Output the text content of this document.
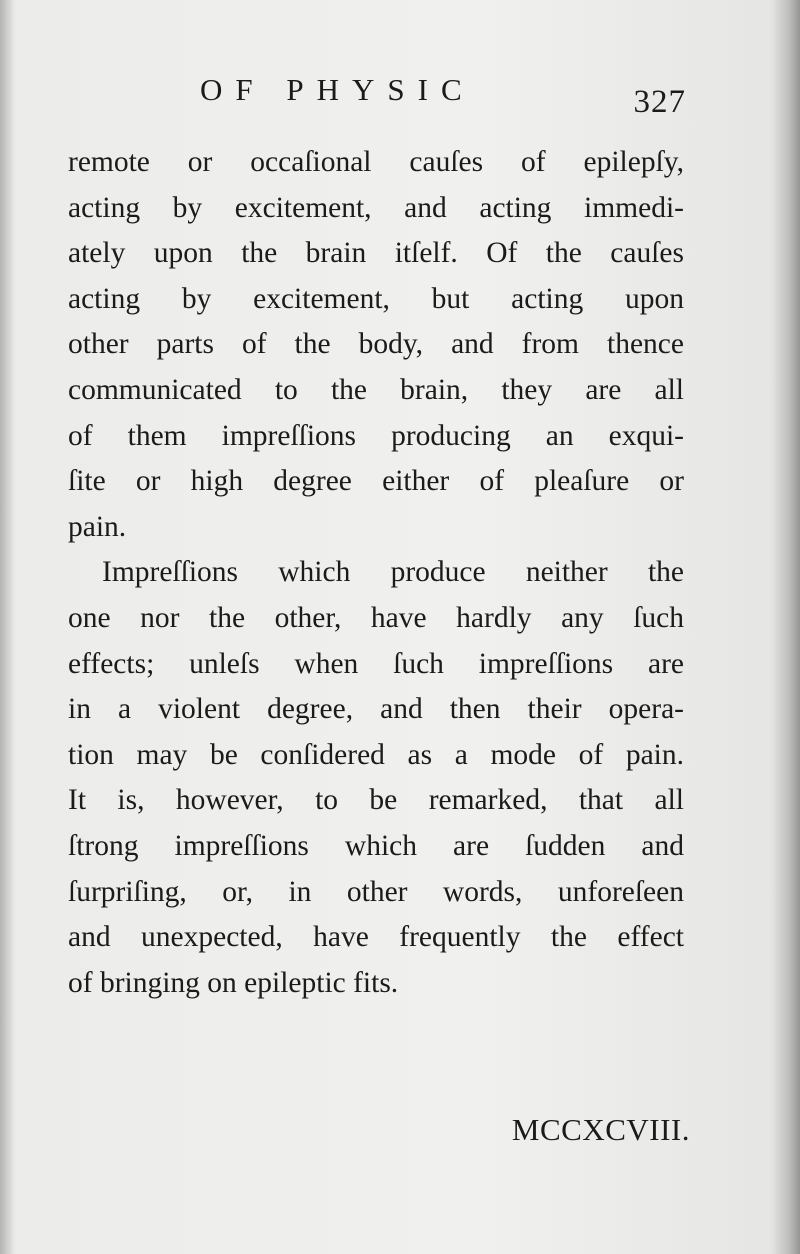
OF PHYSIC	327
remote or occaſional cauſes of epilepſy,
acting by excitement, and acting immedi-
ately upon the brain itſelf. Of the cauſes
acting by excitement, but acting upon
other parts of the body, and from thence
communicated to the brain, they are all
of them impreſſions producing an exqui-
ſite or high degree either of pleaſure or
pain.
Impreſſions which produce neither the
one nor the other, have hardly any ſuch
effects; unleſs when ſuch impreſſions are
in a violent degree, and then their opera-
tion may be conſidered as a mode of pain.
It is, however, to be remarked, that all
ſtrong impreſſions which are ſudden and
ſurpriſing, or, in other words, unforeſeen
and unexpected, have frequently the effect
of bringing on epileptic fits.
MCCXCVIII.
